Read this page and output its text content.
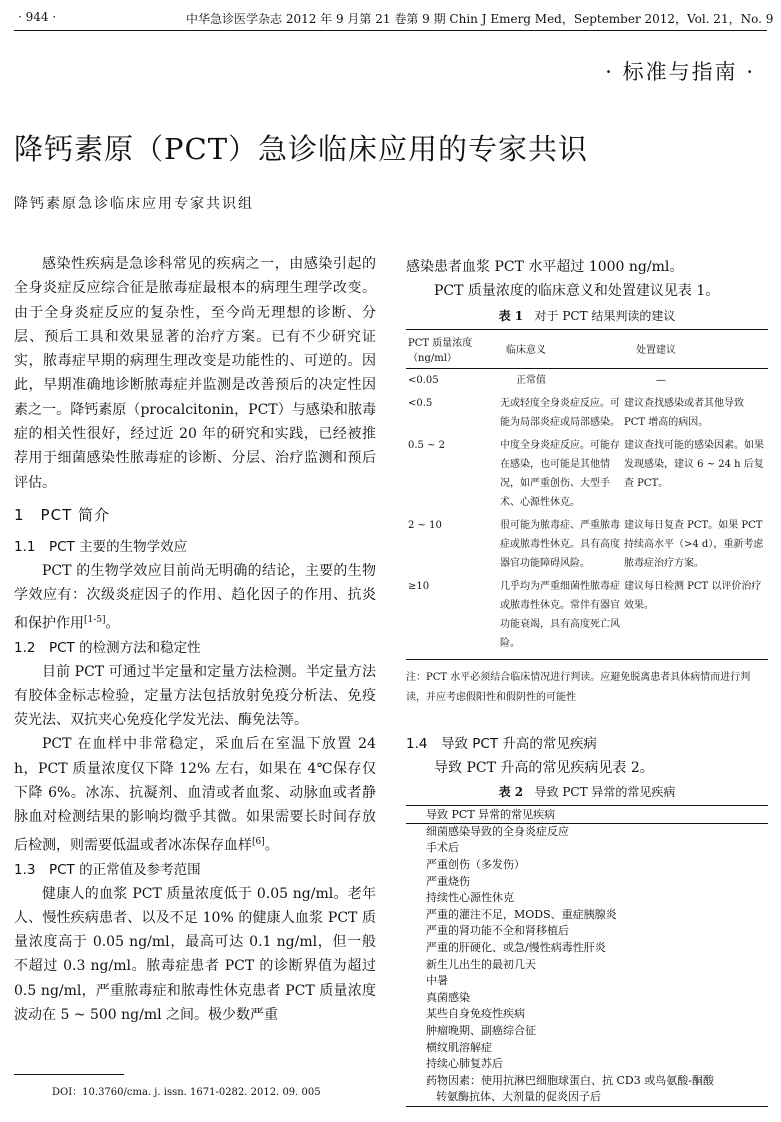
· 944 ·	中华急诊医学杂志 2012 年 9 月第 21 卷第 9 期 Chin J Emerg Med，September 2012，Vol. 21，No. 9
· 标准与指南 ·
降钙素原（PCT）急诊临床应用的专家共识
降钙素原急诊临床应用专家共识组

感染性疾病是急诊科常见的疾病之一，由感染引起的全身炎症反应综合征是脓毒症最根本的病理生理学改变。由于全身炎症反应的复杂性，至今尚无理想的诊断、分层、预后工具和效果显著的治疗方案。已有不少研究证实，脓毒症早期的病理生理改变是功能性的、可逆的。因此，早期准确地诊断脓毒症并监测是改善预后的决定性因素之一。降钙素原（procalcitonin，PCT）与感染和脓毒症的相关性很好，经过近 20 年的研究和实践，已经被推荐用于细菌感染性脓毒症的诊断、分层、治疗监测和预后评估。

1　PCT 简介
1.1　PCT 主要的生物学效应

PCT 的生物学效应目前尚无明确的结论，主要的生物学效应有：次级炎症因子的作用、趋化因子的作用、抗炎和保护作用[1-5]。

1.2　PCT 的检测方法和稳定性

目前 PCT 可通过半定量和定量方法检测。半定量方法有胶体金标志检验，定量方法包括放射免疫分析法、免疫荧光法、双抗夹心免疫化学发光法、酶免法等。

PCT 在血样中非常稳定，采血后在室温下放置 24 h，PCT 质量浓度仅下降 12% 左右，如果在 4℃保存仅下降 6%。冰冻、抗凝剂、血清或者血浆、动脉血或者静脉血对检测结果的影响均微乎其微。如果需要长时间存放后检测，则需要低温或者冰冻保存血样[6]。

1.3　PCT 的正常值及参考范围

健康人的血浆 PCT 质量浓度低于 0.05 ng/ml。老年人、慢性疾病患者、以及不足 10% 的健康人血浆 PCT 质量浓度高于 0.05 ng/ml，最高可达 0.1 ng/ml，但一般不超过 0.3 ng/ml。脓毒症患者 PCT 的诊断界值为超过 0.5 ng/ml，严重脓毒症和脓毒性休克患者 PCT 质量浓度波动在 5 ~ 500 ng/ml 之间。极少数严重

DOI：10.3760/cma. j. issn. 1671-0282. 2012. 09. 005

感染患者血浆 PCT 水平超过 1000 ng/ml。

PCT 质量浓度的临床意义和处置建议见表 1。

表 1 对于 PCT 结果判读的建议
PCT 质量浓度（ng/ml）	临床意义	处置建议
<0.05	正常值	—
<0.5	无或轻度全身炎症反应。可能为局部炎症或局部感染。	建议查找感染或者其他导致 PCT 增高的病因。
0.5 ~ 2	中度全身炎症反应。可能存在感染，也可能是其他情况，如严重创伤、大型手术、心源性休克。	建议查找可能的感染因素。如果发现感染，建议 6 ~ 24 h 后复查 PCT。
2 ~ 10	很可能为脓毒症、严重脓毒症或脓毒性休克。具有高度器官功能障碍风险。	建议每日复查 PCT。如果 PCT 持续高水平（>4 d），重新考虑脓毒症治疗方案。
≥10	几乎均为严重细菌性脓毒症或脓毒性休克。常伴有器官功能衰竭，具有高度死亡风险。	建议每日检测 PCT 以评价治疗效果。
注：PCT 水平必须结合临床情况进行判读。应避免脱离患者具体病情而进行判读，并应考虑假阳性和假阴性的可能性
1.4　导致 PCT 升高的常见疾病

导致 PCT 升高的常见疾病见表 2。

表 2 导致 PCT 异常的常见疾病
导致 PCT 异常的常见疾病
细菌感染导致的全身炎症反应
手术后
严重创伤（多发伤）
严重烧伤
持续性心源性休克
严重的灌注不足，MODS、重症胰腺炎
严重的肾功能不全和肾移植后
严重的肝硬化、或急/慢性病毒性肝炎
新生儿出生的最初几天
中暑
真菌感染
某些自身免疫性疾病
肿瘤晚期、副癌综合征
横纹肌溶解症
持续心肺复苏后
药物因素：使用抗淋巴细胞球蛋白、抗 CD3 或鸟氨酸-酮酸
转氨酶抗体、大剂量的促炎因子后
